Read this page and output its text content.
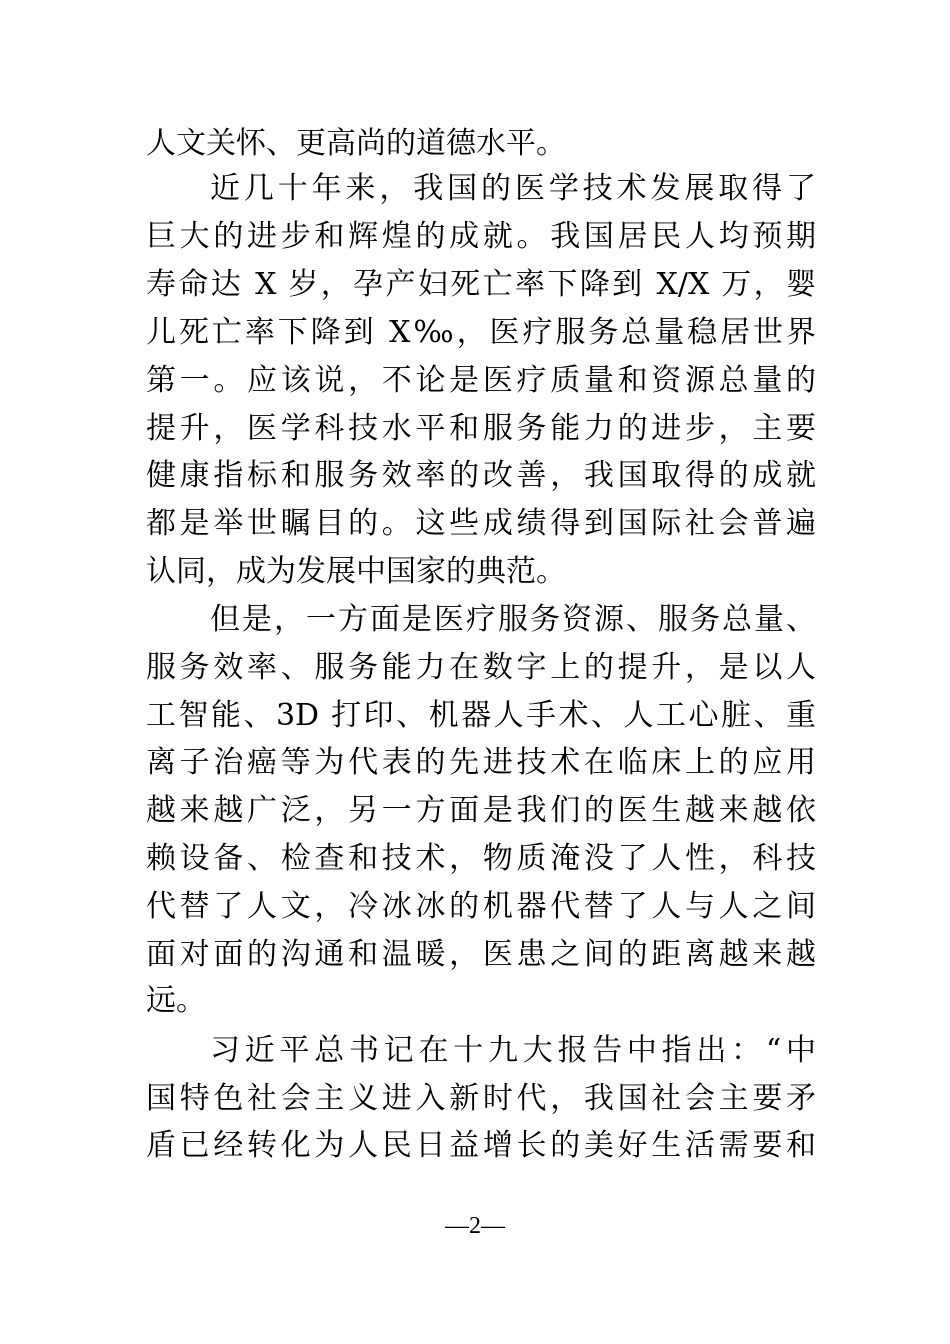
人文关怀、更高尚的道德水平。
近几十年来，我国的医学技术发展取得了
巨大的进步和辉煌的成就。我国居民人均预期
寿命达 X 岁，孕产妇死亡率下降到 X/X 万，婴
儿死亡率下降到 X‰，医疗服务总量稳居世界
第一。应该说，不论是医疗质量和资源总量的
提升，医学科技水平和服务能力的进步，主要
健康指标和服务效率的改善，我国取得的成就
都是举世瞩目的。这些成绩得到国际社会普遍
认同，成为发展中国家的典范。
但是，一方面是医疗服务资源、服务总量、
服务效率、服务能力在数字上的提升，是以人
工智能、3D 打印、机器人手术、人工心脏、重
离子治癌等为代表的先进技术在临床上的应用
越来越广泛，另一方面是我们的医生越来越依
赖设备、检查和技术，物质淹没了人性，科技
代替了人文，冷冰冰的机器代替了人与人之间
面对面的沟通和温暖，医患之间的距离越来越
远。
习近平总书记在十九大报告中指出：“中
国特色社会主义进入新时代，我国社会主要矛
盾已经转化为人民日益增长的美好生活需要和
—2—
